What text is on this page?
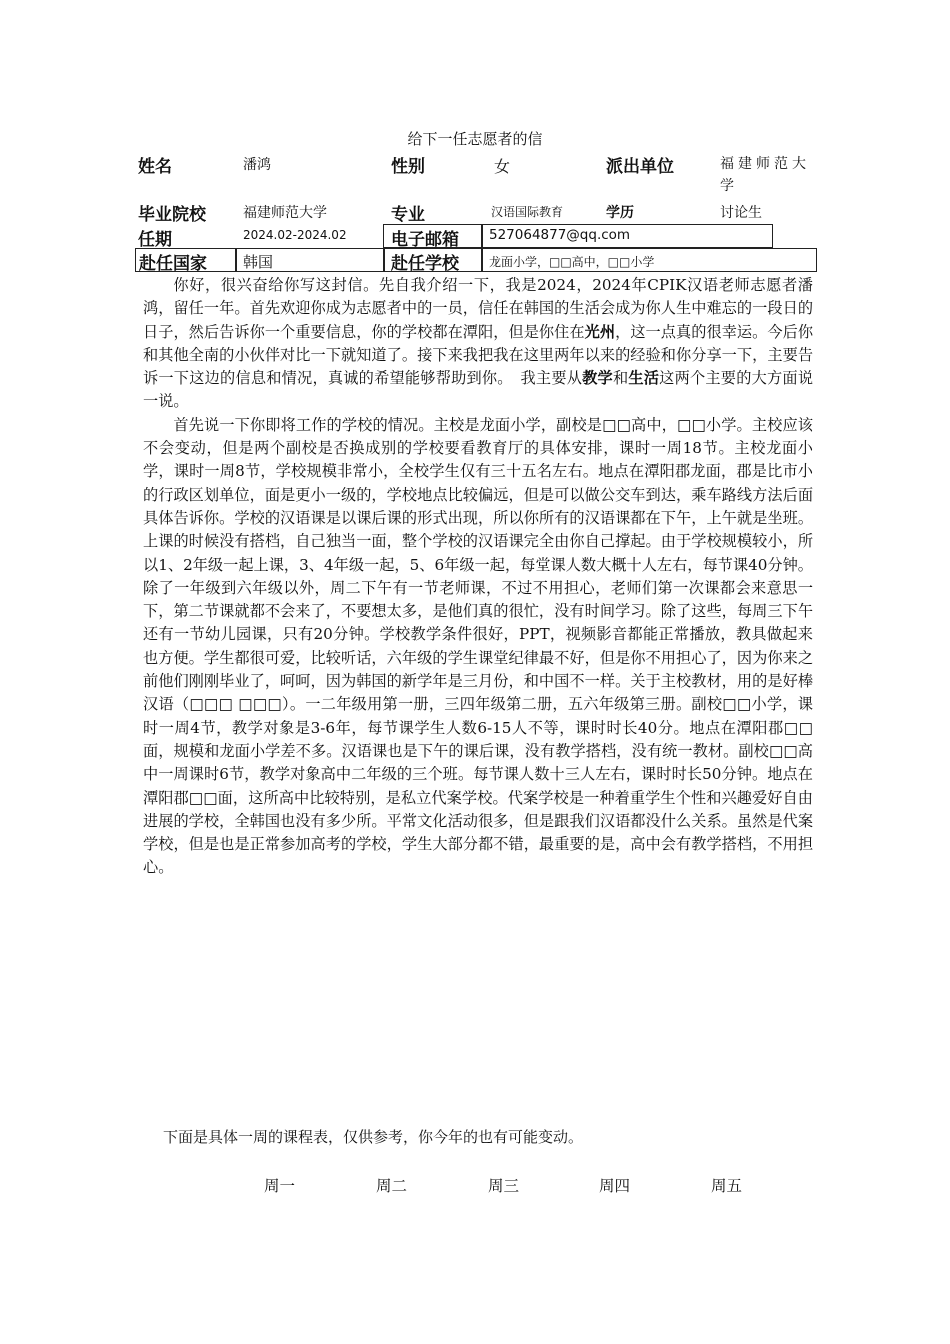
给下一任志愿者的信
姓名	潘鸿	性别	女	派出单位	福建师范大学
毕业院校	福建师范大学	专业	汉语国际教育	学历	讨论生
任期	2024.02-2024.02	电子邮箱 527064877@qq.com
赴任国家 韩国	赴任学校	龙面小学，□□高中，□□小学

你好，很兴奋给你写这封信。先自我介绍一下，我是2024，2024年CPIK汉语老师志愿者潘鸿，留任一年。首先欢迎你成为志愿者中的一员，信任在韩国的生活会成为你人生中难忘的一段日的日子，然后告诉你一个重要信息，你的学校都在潭阳，但是你住在光州，这一点真的很幸运。今后你和其他全南的小伙伴对比一下就知道了。接下来我把我在这里两年以来的经验和你分享一下，主要告诉一下这边的信息和情况，真诚的希望能够帮助到你。　我主要从教学和生活这两个主要的大方面说一说。

首先说一下你即将工作的学校的情况。主校是龙面小学，副校是□□高中，□□小学。主校应该不会变动，但是两个副校是否换成别的学校要看教育厅的具体安排，课时一周18节。主校龙面小学，课时一周8节，学校规模非常小，全校学生仅有三十五名左右。地点在潭阳郡龙面，郡是比市小的行政区划单位，面是更小一级的，学校地点比较偏远，但是可以做公交车到达，乘车路线方法后面具体告诉你。学校的汉语课是以课后课的形式出现，所以你所有的汉语课都在下午，上午就是坐班。上课的时候没有搭档，自己独当一面，整个学校的汉语课完全由你自己撑起。由于学校规模较小，所以1、2年级一起上课，3、4年级一起，5、6年级一起，每堂课人数大概十人左右，每节课40分钟。除了一年级到六年级以外，周二下午有一节老师课，不过不用担心，老师们第一次课都会来意思一下，第二节课就都不会来了，不要想太多，是他们真的很忙，没有时间学习。除了这些，每周三下午还有一节幼儿园课，只有20分钟。学校教学条件很好，PPT，视频影音都能正常播放，教具做起来也方便。学生都很可爱，比较听话，六年级的学生课堂纪律最不好，但是你不用担心了，因为你来之前他们刚刚毕业了，呵呵，因为韩国的新学年是三月份，和中国不一样。关于主校教材，用的是好棒汉语（□□□ □□□）。一二年级用第一册，三四年级第二册，五六年级第三册。副校□□小学，课时一周4节，教学对象是3-6年，每节课学生人数6-15人不等，课时时长40分。地点在潭阳郡□□面，规模和龙面小学差不多。汉语课也是下午的课后课，没有教学搭档，没有统一教材。副校□□高中一周课时6节，教学对象高中二年级的三个班。每节课人数十三人左右，课时时长50分钟。地点在潭阳郡□□面，这所高中比较特别，是私立代案学校。代案学校是一种着重学生个性和兴趣爱好自由进展的学校，全韩国也没有多少所。平常文化活动很多，但是跟我们汉语都没什么关系。虽然是代案学校，但是也是正常参加高考的学校，学生大部分都不错，最重要的是，高中会有教学搭档，不用担心。

下面是具体一周的课程表，仅供参考，你今年的也有可能变动。
周一	周二	周三	周四	周五
